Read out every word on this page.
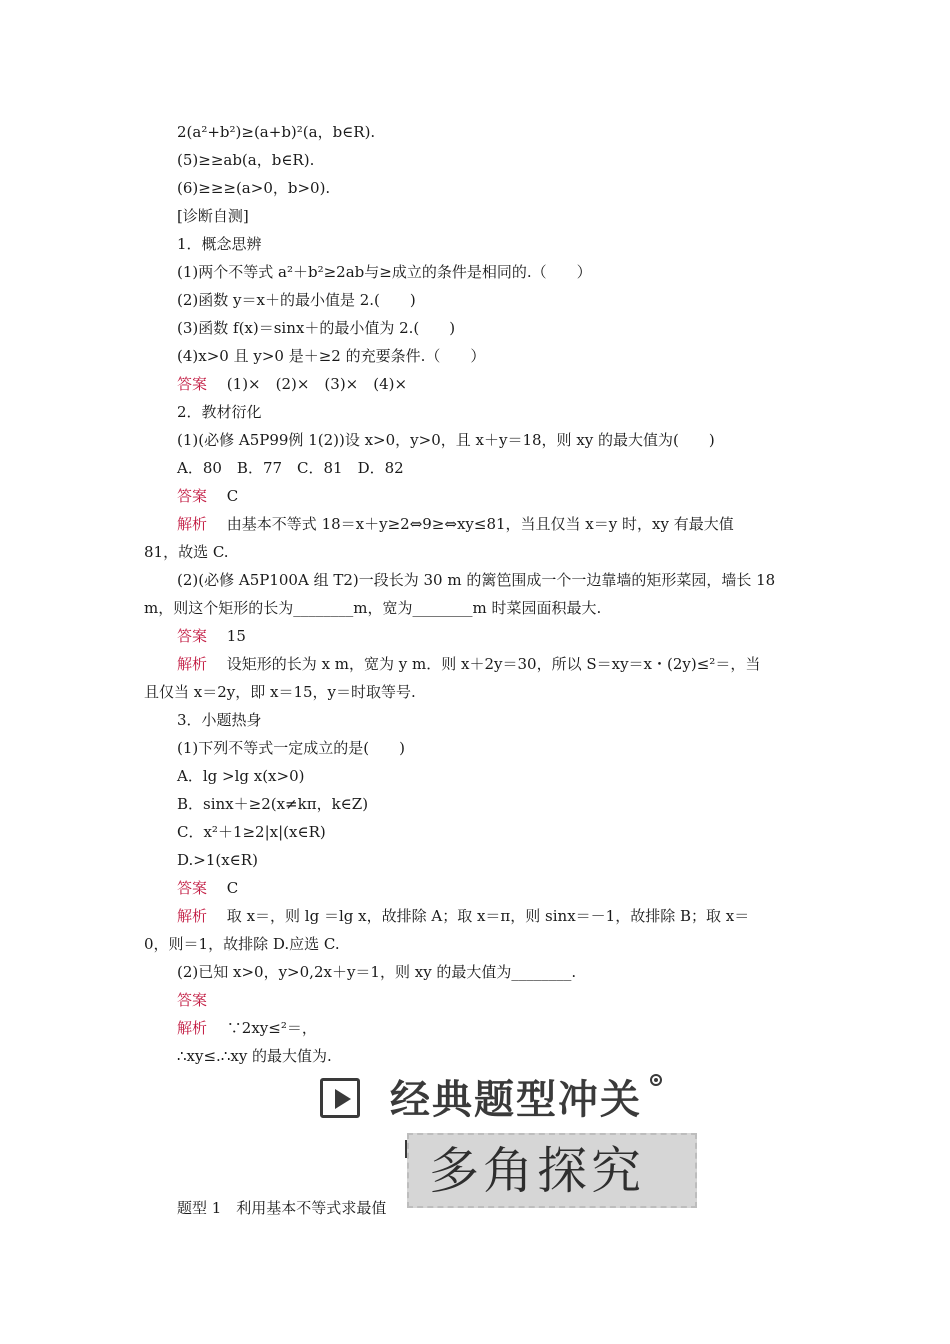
2(a²+b²)≥(a+b)²(a，b∈R).
(5)≥≥ab(a，b∈R).
(6)≥≥≥(a>0，b>0).
[诊断自测]
1．概念思辨
(1)两个不等式 a²＋b²≥2ab与≥成立的条件是相同的.（　　）
(2)函数 y＝x＋的最小值是 2.(　　)
(3)函数 f(x)＝sinx＋的最小值为 2.(　　)
(4)x>0 且 y>0 是＋≥2 的充要条件.（　　）
答案　 (1)×　(2)×　(3)×　(4)×
2．教材衍化
(1)(必修 A5P99例 1(2))设 x>0，y>0，且 x＋y＝18，则 xy 的最大值为(　　)
A．80　B．77　C．81　D．82
答案　 C
解析　 由基本不等式 18＝x＋y≥2⇔9≥⇔xy≤81，当且仅当 x＝y 时，xy 有最大值
81，故选 C.
(2)(必修 A5P100A 组 T2)一段长为 30 m 的篱笆围成一个一边靠墙的矩形菜园，墙长 18
m，则这个矩形的长为________m，宽为________m 时菜园面积最大.
答案　 15
解析　 设矩形的长为 x m，宽为 y m．则 x＋2y＝30，所以 S＝xy＝x・(2y)≤²＝，当
且仅当 x＝2y，即 x＝15，y＝时取等号.
3．小题热身
(1)下列不等式一定成立的是(　　)
A．lg >lg x(x>0)
B．sinx＋≥2(x≠kπ，k∈Z)
C．x²＋1≥2|x|(x∈R)
D.>1(x∈R)
答案　 C
解析　 取 x＝，则 lg ＝lg x，故排除 A；取 x＝π，则 sinx＝－1，故排除 B；取 x＝
0，则＝1，故排除 D.应选 C.
(2)已知 x>0，y>0,2x＋y＝1，则 xy 的最大值为________.
答案
解析　 ∵2xy≤²＝，
∴xy≤.∴xy 的最大值为.
经典题型冲关
多角探究
题型 1　利用基本不等式求最值
